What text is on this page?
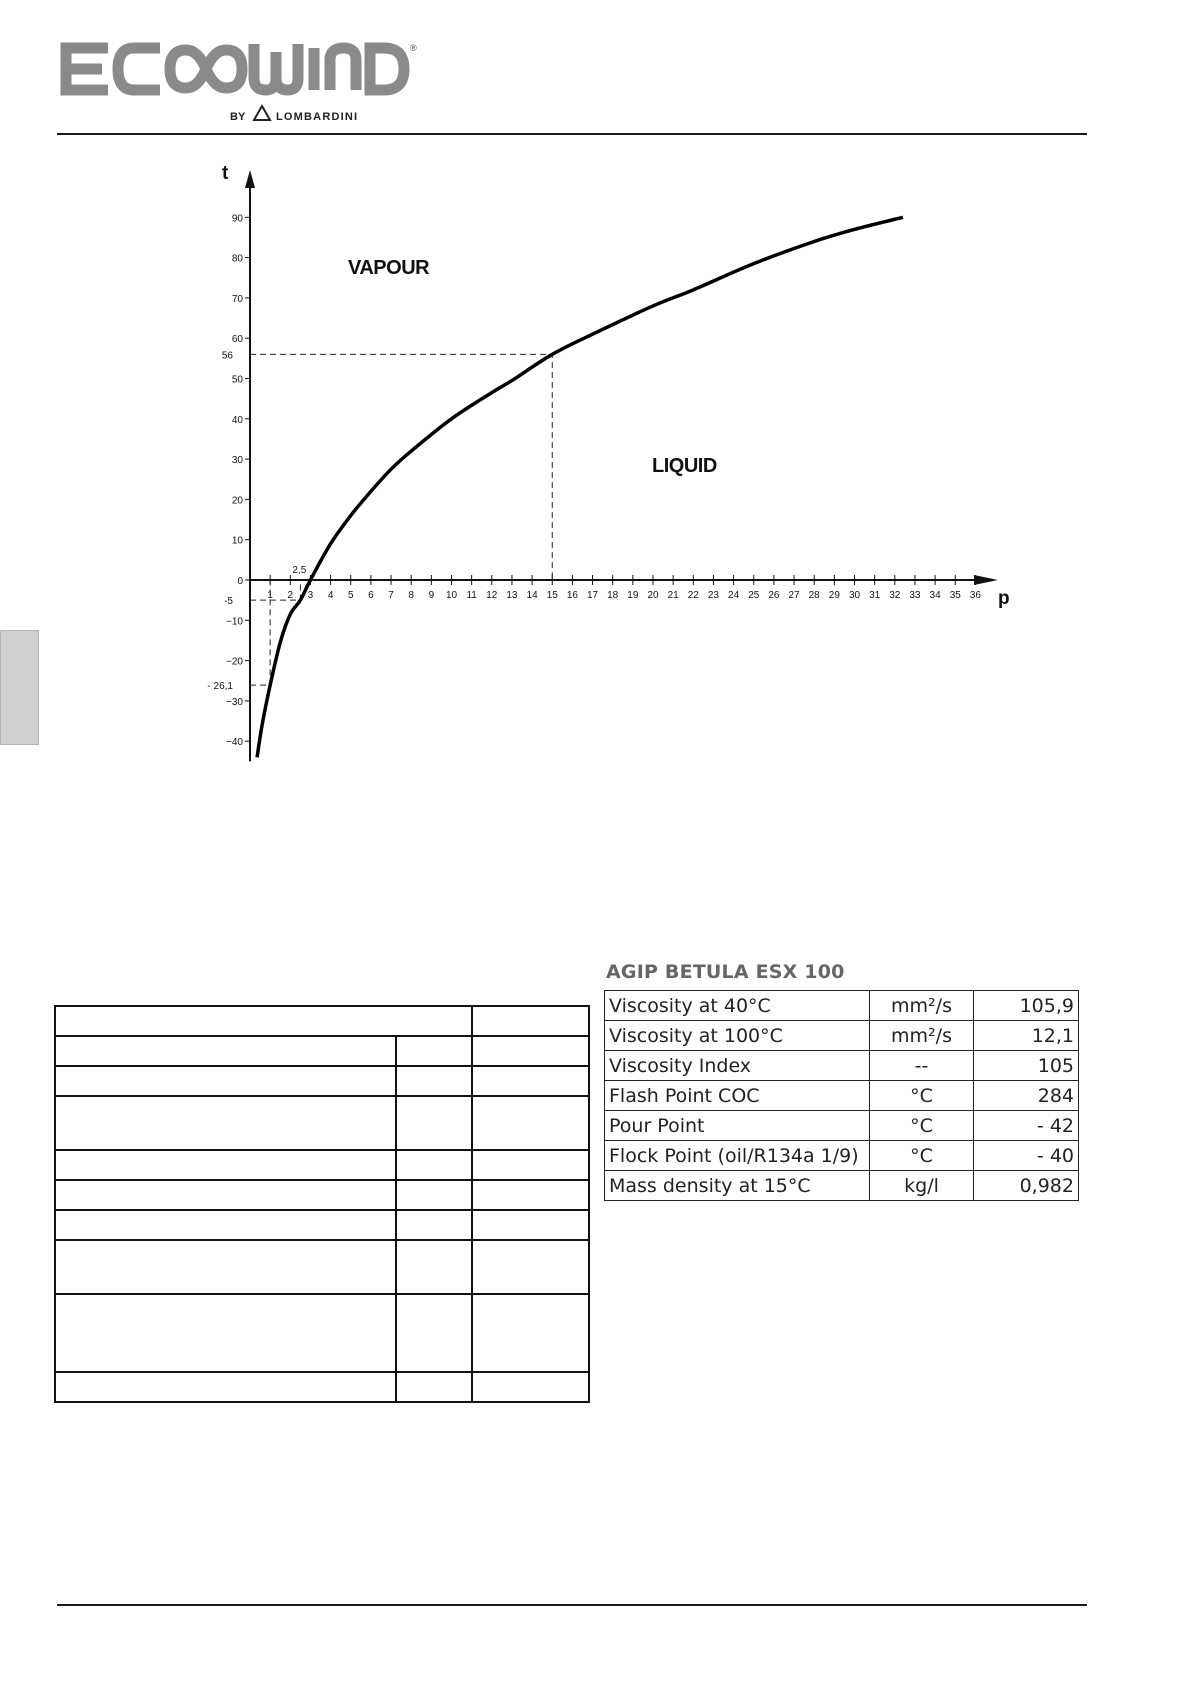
®
BY	LOMBARDINI
ECOWIND
1 2 3 4 5 6 7 8 9 10 11 12 13 14 15 16 17 18 19 20 21 22 23 24 25 26 27 28 29 30 31 32 33 34 35 36
−40
−30
−20
−10
0
10
20
30
40
50
60
70
80
90
t
p
VAPOUR
LIQUID
56
-5
- 26,1
2,5

AGIP BETULA ESX 100
Viscosity at 40°C	mm²/s	105,9
Viscosity at 100°C	mm²/s	12,1
Viscosity Index	--	105
Flash Point COC	°C	284
Pour Point	°C	- 42
Flock Point (oil/R134a 1/9)	°C	- 40
Mass density at 15°C	kg/l	0,982
